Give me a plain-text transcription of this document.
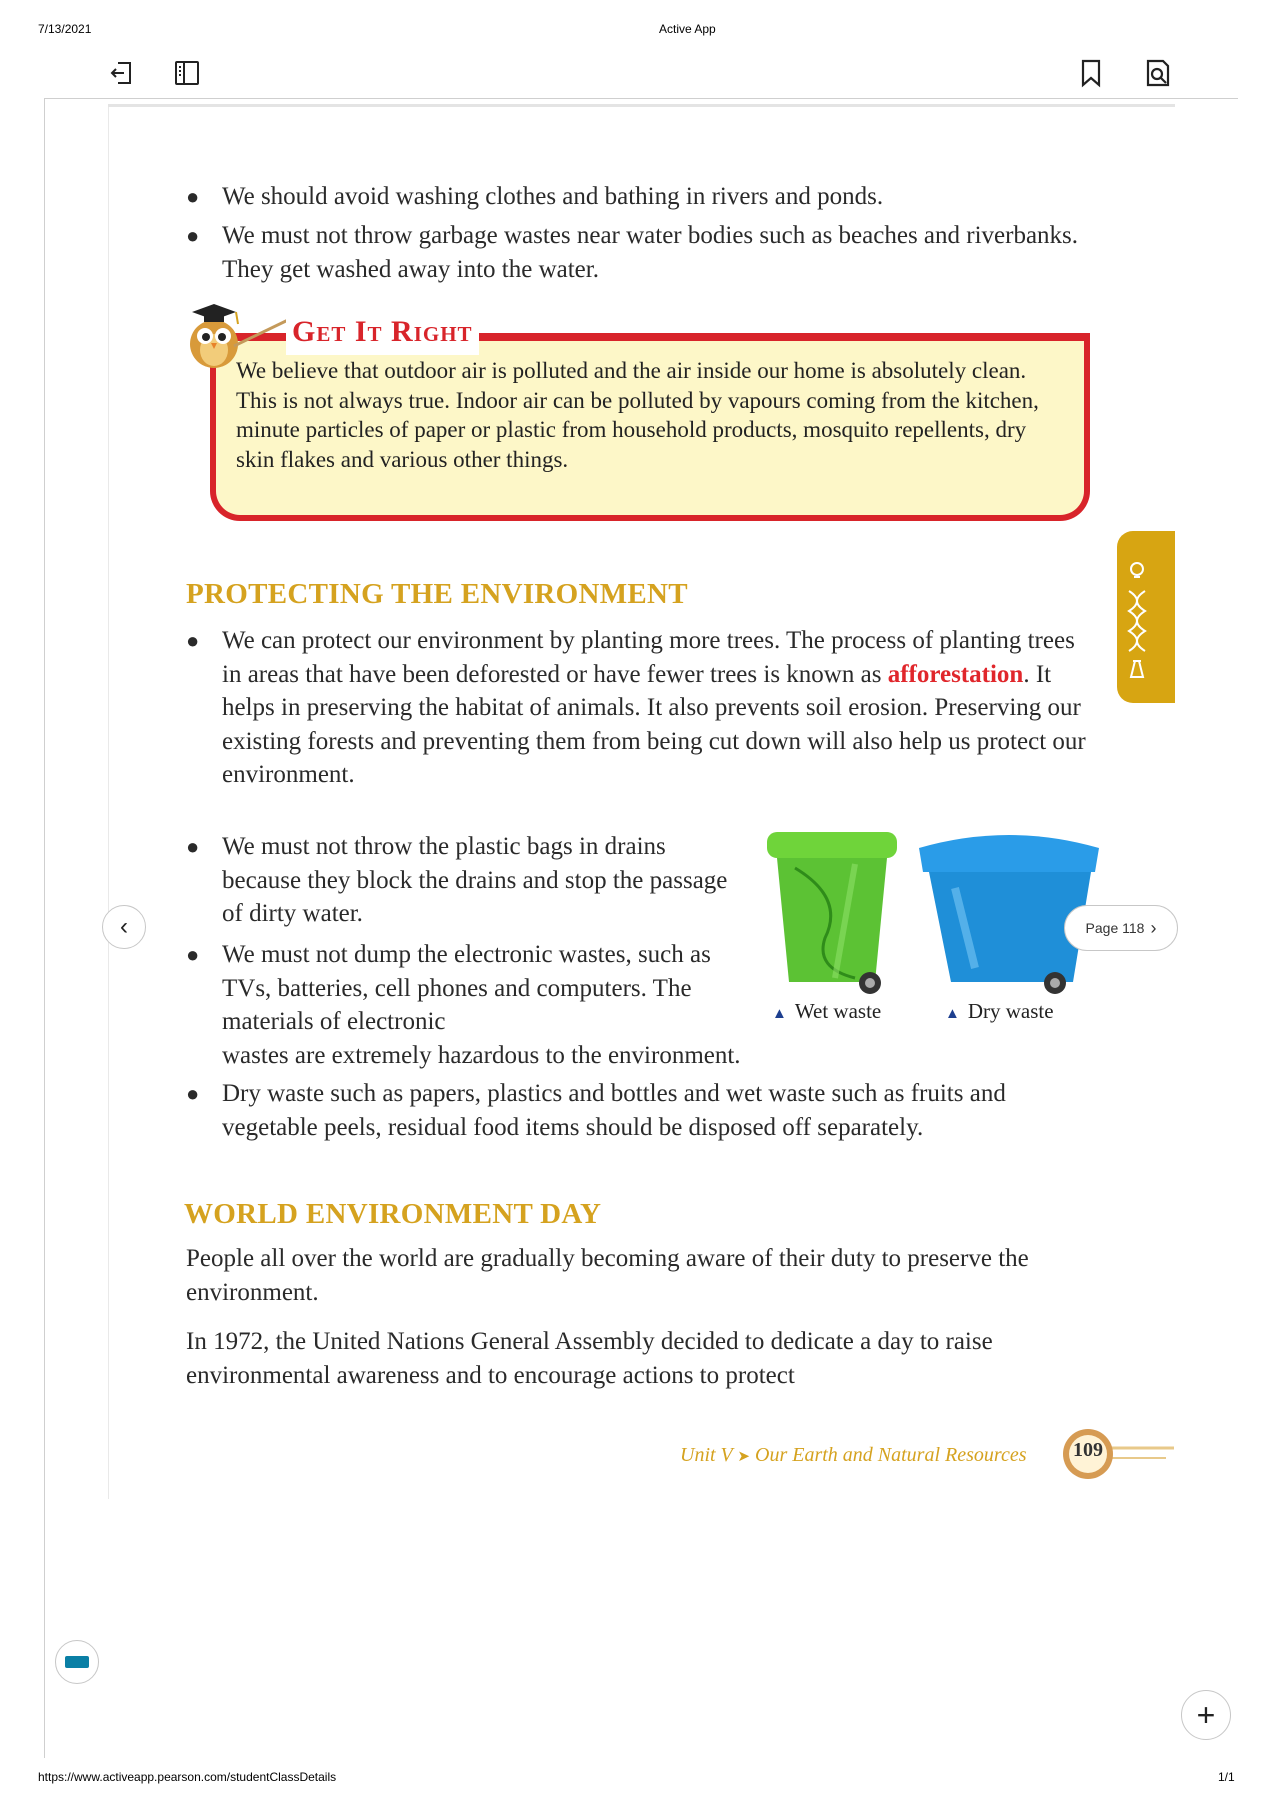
7/13/2021	Active App
https://www.activeapp.pearson.com/studentClassDetails	1/1
● We should avoid washing clothes and bathing in rivers and ponds.
● We must not throw garbage wastes near water bodies such as beaches and riverbanks. They get washed away into the water.
Get It Right
We believe that outdoor air is polluted and the air inside our home is absolutely clean. This is not always true. Indoor air can be polluted by vapours coming from the kitchen, minute particles of paper or plastic from household products, mosquito repellents, dry skin flakes and various other things.
PROTECTING THE ENVIRONMENT
● We can protect our environment by planting more trees. The process of planting trees in areas that have been deforested or have fewer trees is known as afforestation. It helps in preserving the habitat of animals. It also prevents soil erosion. Preserving our existing forests and preventing them from being cut down will also help us protect our environment.
● We must not throw the plastic bags in drains because they block the drains and stop the passage of dirty water.
● We must not dump the electronic wastes, such as TVs, batteries, cell phones and computers. The materials of electronic
wastes are extremely hazardous to the environment.
● Dry waste such as papers, plastics and bottles and wet waste such as fruits and vegetable peels, residual food items should be disposed off separately.
▲ Wet waste	▲ Dry waste
WORLD ENVIRONMENT DAY
People all over the world are gradually becoming aware of their duty to preserve the environment.
In 1972, the United Nations General Assembly decided to dedicate a day to raise environmental awareness and to encourage actions to protect
Unit V ➤ Our Earth and Natural Resources 109
‹	Page 118 ›
+
